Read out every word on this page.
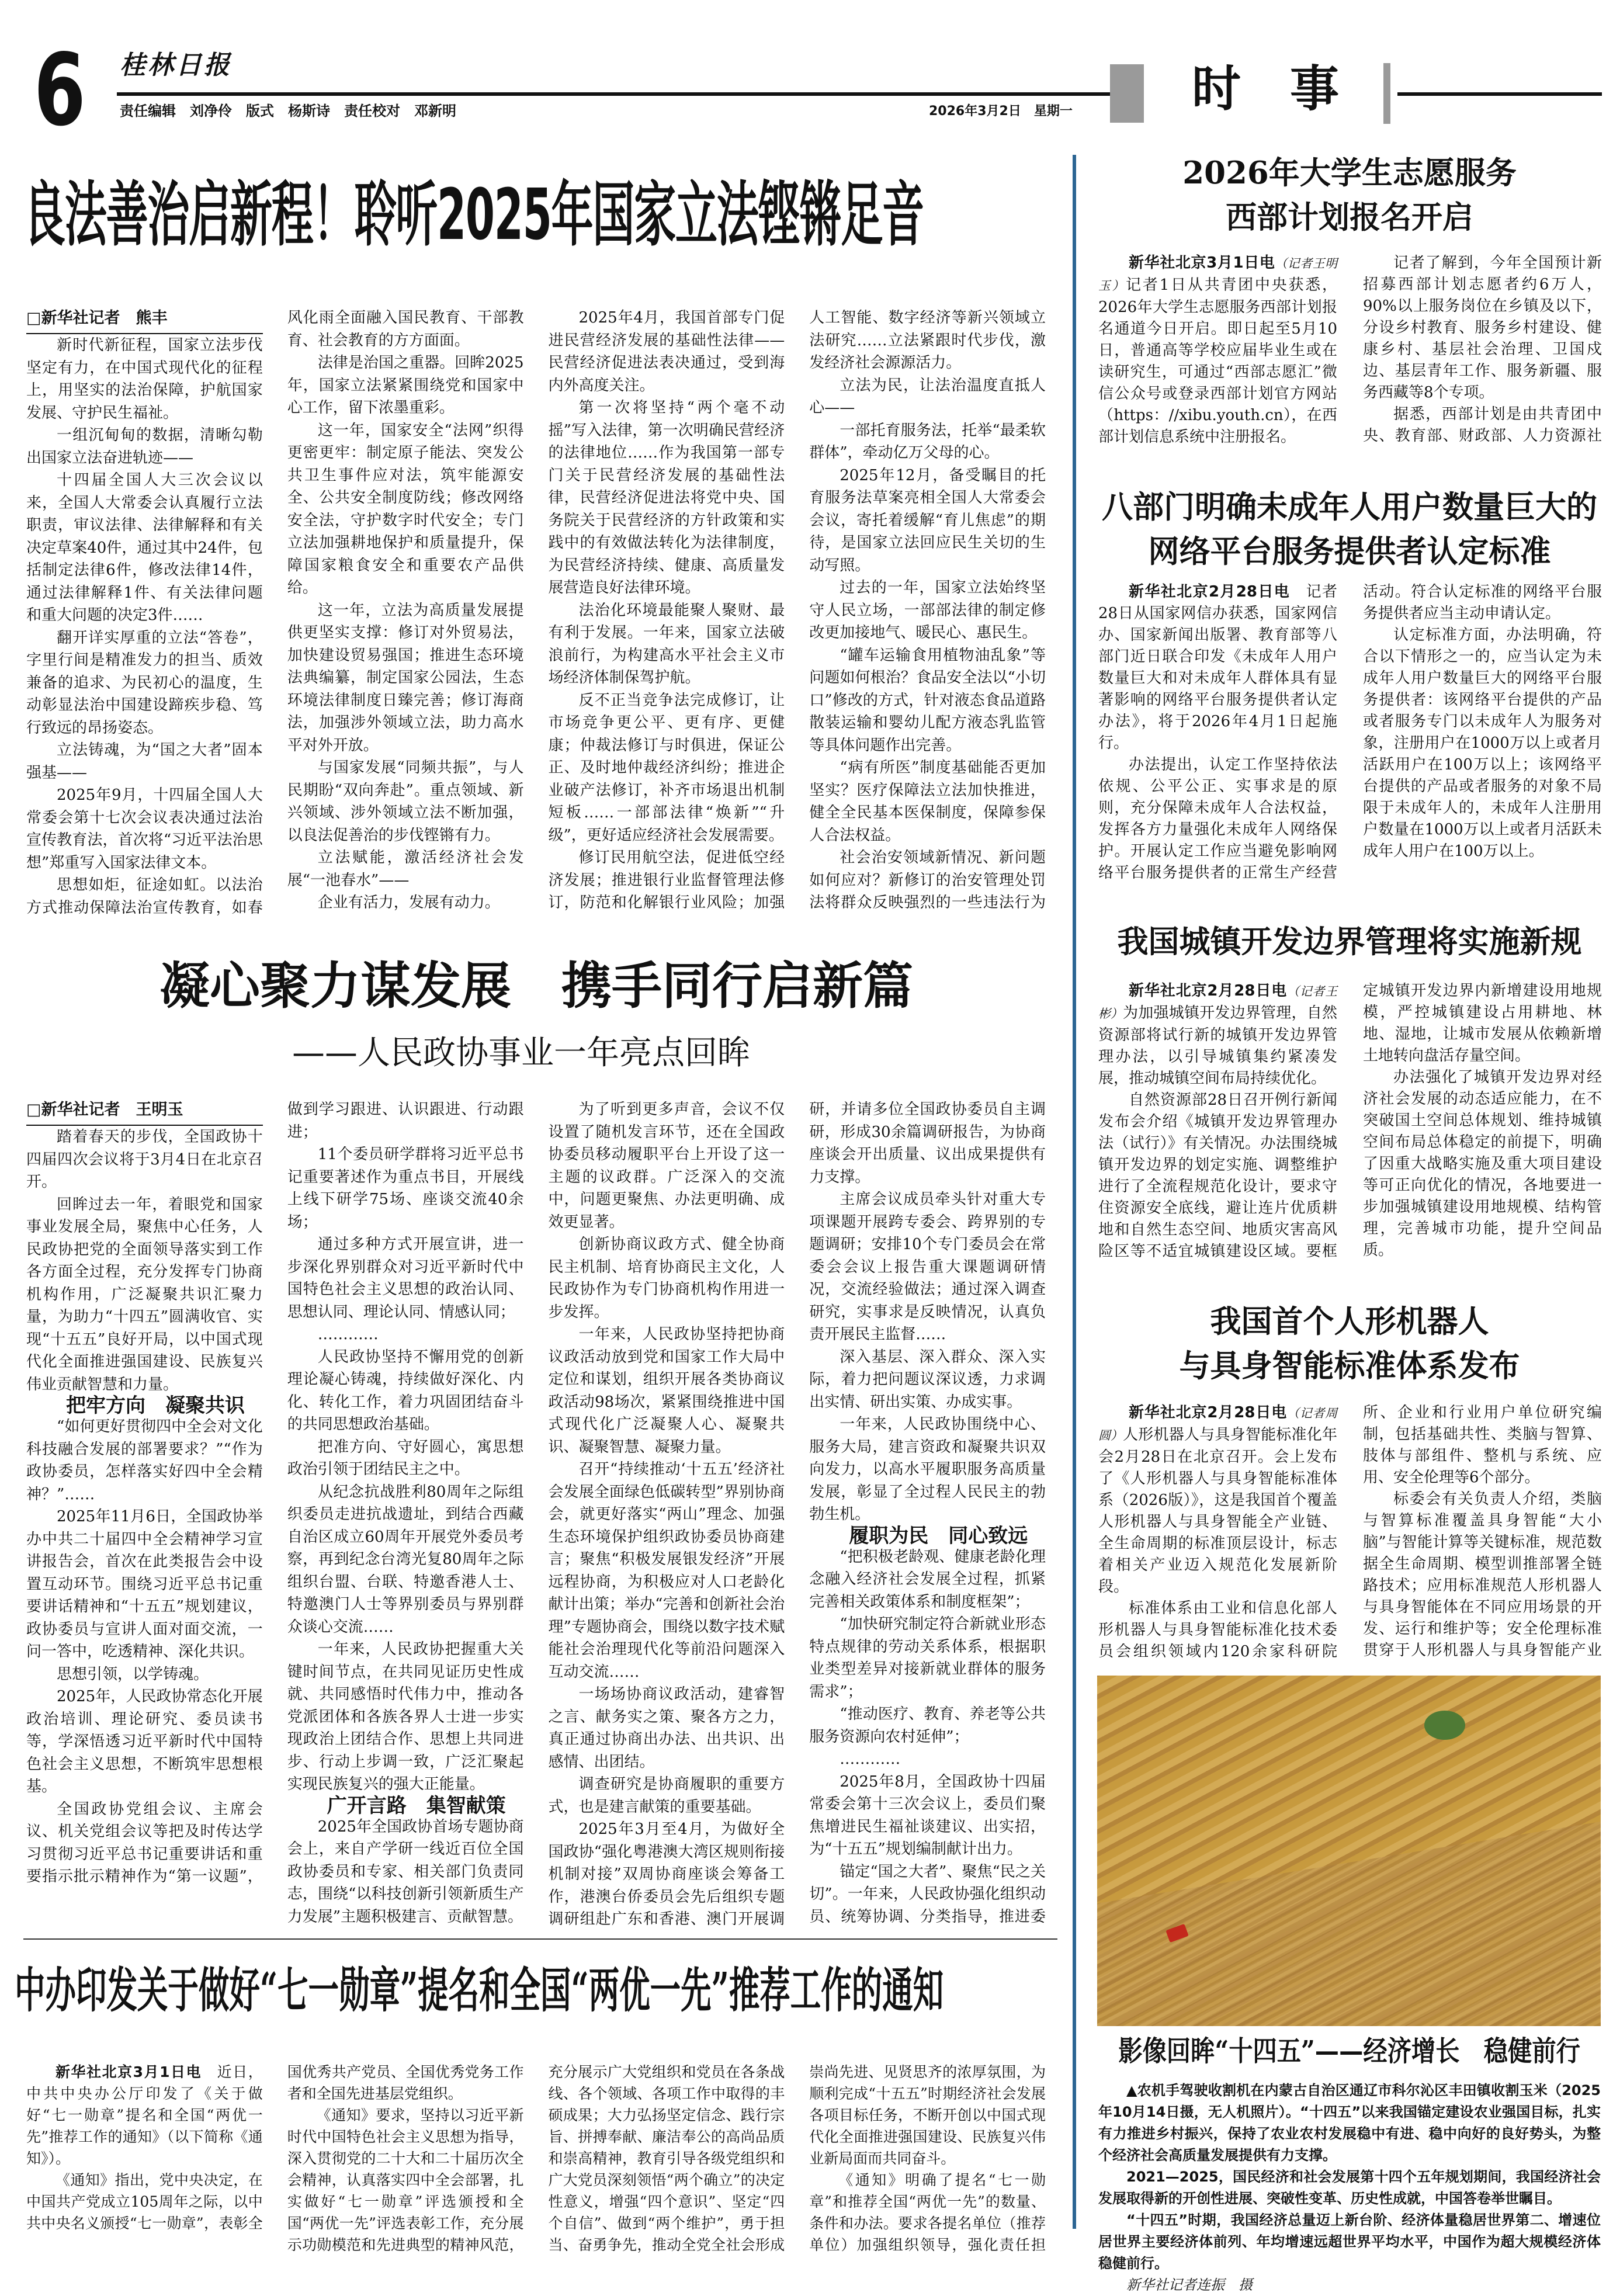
6 桂林日报
责任编辑　刘净伶　版式　杨斯诗　责任校对　邓新明	2026年3月2日　星期一 时　事
良法善治启新程！聆听2025年国家立法铿锵足音

□新华社记者　熊丰

新时代新征程，国家立法步伐坚定有力，在中国式现代化的征程上，用坚实的法治保障，护航国家发展、守护民生福祉。

一组沉甸甸的数据，清晰勾勒出国家立法奋进轨迹——

十四届全国人大三次会议以来，全国人大常委会认真履行立法职责，审议法律、法律解释和有关决定草案40件，通过其中24件，包括制定法律6件，修改法律14件，通过法律解释1件、有关法律问题和重大问题的决定3件……

翻开详实厚重的立法“答卷”，字里行间是精准发力的担当、质效兼备的追求、为民初心的温度，生动彰显法治中国建设蹄疾步稳、笃行致远的昂扬姿态。

立法铸魂，为“国之大者”固本强基——

2025年9月，十四届全国人大常委会第十七次会议表决通过法治宣传教育法，首次将“习近平法治思想”郑重写入国家法律文本。

思想如炬，征途如虹。以法治方式推动保障法治宣传教育，如春风化雨全面融入国民教育、干部教育、社会教育的方方面面。

法律是治国之重器。回眸2025年，国家立法紧紧围绕党和国家中心工作，留下浓墨重彩。

这一年，国家安全“法网”织得更密更牢：制定原子能法、突发公共卫生事件应对法，筑牢能源安全、公共安全制度防线；修改网络安全法，守护数字时代安全；专门立法加强耕地保护和质量提升，保障国家粮食安全和重要农产品供给。

这一年，立法为高质量发展提供更坚实支撑：修订对外贸易法，加快建设贸易强国；推进生态环境法典编纂，制定国家公园法，生态环境法律制度日臻完善；修订海商法，加强涉外领域立法，助力高水平对外开放。

与国家发展“同频共振”，与人民期盼“双向奔赴”。重点领域、新兴领域、涉外领域立法不断加强，以良法促善治的步伐铿锵有力。

立法赋能，激活经济社会发展“一池春水”——

企业有活力，发展有动力。

2025年4月，我国首部专门促进民营经济发展的基础性法律——民营经济促进法表决通过，受到海内外高度关注。

第一次将坚持“两个毫不动摇”写入法律，第一次明确民营经济的法律地位……作为我国第一部专门关于民营经济发展的基础性法律，民营经济促进法将党中央、国务院关于民营经济的方针政策和实践中的有效做法转化为法律制度，为民营经济持续、健康、高质量发展营造良好法律环境。

法治化环境最能聚人聚财、最有利于发展。一年来，国家立法破浪前行，为构建高水平社会主义市场经济体制保驾护航。

反不正当竞争法完成修订，让市场竞争更公平、更有序、更健康；仲裁法修订与时俱进，保证公正、及时地仲裁经济纠纷；推进企业破产法修订，补齐市场退出机制短板……一部部法律“焕新”“升级”，更好适应经济社会发展需要。

修订民用航空法，促进低空经济发展；推进银行业监督管理法修订，防范和化解银行业风险；加强人工智能、数字经济等新兴领域立法研究……立法紧跟时代步伐，激发经济社会源源活力。

立法为民，让法治温度直抵人心——

一部托育服务法，托举“最柔软群体”，牵动亿万父母的心。

2025年12月，备受瞩目的托育服务法草案亮相全国人大常委会会议，寄托着缓解“育儿焦虑”的期待，是国家立法回应民生关切的生动写照。

过去的一年，国家立法始终坚守人民立场，一部部法律的制定修改更加接地气、暖民心、惠民生。

“罐车运输食用植物油乱象”等问题如何根治？食品安全法以“小切口”修改的方式，针对液态食品道路散装运输和婴幼儿配方液态乳监管等具体问题作出完善。

“病有所医”制度基础能否更加坚实？医疗保障法立法加快推进，健全全民基本医保制度，保障参保人合法权益。

社会治安领域新情况、新问题如何应对？新修订的治安管理处罚法将群众反映强烈的一些违法行为

凝心聚力谋发展　携手同行启新篇
——人民政协事业一年亮点回眸

□新华社记者　王明玉

踏着春天的步伐，全国政协十四届四次会议将于3月4日在北京召开。

回眸过去一年，着眼党和国家事业发展全局，聚焦中心任务，人民政协把党的全面领导落实到工作各方面全过程，充分发挥专门协商机构作用，广泛凝聚共识汇聚力量，为助力“十四五”圆满收官、实现“十五五”良好开局，以中国式现代化全面推进强国建设、民族复兴伟业贡献智慧和力量。

把牢方向　凝聚共识

“如何更好贯彻四中全会对文化科技融合发展的部署要求？”“作为政协委员，怎样落实好四中全会精神？”……

2025年11月6日，全国政协举办中共二十届四中全会精神学习宣讲报告会，首次在此类报告会中设置互动环节。围绕习近平总书记重要讲话精神和“十五五”规划建议，政协委员与宣讲人面对面交流，一问一答中，吃透精神、深化共识。

思想引领，以学铸魂。

2025年，人民政协常态化开展政治培训、理论研究、委员读书等，学深悟透习近平新时代中国特色社会主义思想，不断筑牢思想根基。

全国政协党组会议、主席会议、机关党组会议等把及时传达学习贯彻习近平总书记重要讲话和重要指示批示精神作为“第一议题”，做到学习跟进、认识跟进、行动跟进；

11个委员研学群将习近平总书记重要著述作为重点书目，开展线上线下研学75场、座谈交流40余场；

通过多种方式开展宣讲，进一步深化界别群众对习近平新时代中国特色社会主义思想的政治认同、思想认同、理论认同、情感认同；

…………

人民政协坚持不懈用党的创新理论凝心铸魂，持续做好深化、内化、转化工作，着力巩固团结奋斗的共同思想政治基础。

把准方向、守好圆心，寓思想政治引领于团结民主之中。

从纪念抗战胜利80周年之际组织委员走进抗战遗址，到结合西藏自治区成立60周年开展党外委员考察，再到纪念台湾光复80周年之际组织台盟、台联、特邀香港人士、特邀澳门人士等界别委员与界别群众谈心交流……

一年来，人民政协把握重大关键时间节点，在共同见证历史性成就、共同感悟时代伟力中，推动各党派团体和各族各界人士进一步实现政治上团结合作、思想上共同进步、行动上步调一致，广泛汇聚起实现民族复兴的强大正能量。

广开言路　集智献策

2025年全国政协首场专题协商会上，来自产学研一线近百位全国政协委员和专家、相关部门负责同志，围绕“以科技创新引领新质生产力发展”主题积极建言、贡献智慧。

为了听到更多声音，会议不仅设置了随机发言环节，还在全国政协委员移动履职平台上开设了这一主题的议政群。广泛深入的交流中，问题更聚焦、办法更明确、成效更显著。

创新协商议政方式、健全协商民主机制、培育协商民主文化，人民政协作为专门协商机构作用进一步发挥。

一年来，人民政协坚持把协商议政活动放到党和国家工作大局中定位和谋划，组织开展各类协商议政活动98场次，紧紧围绕推进中国式现代化广泛凝聚人心、凝聚共识、凝聚智慧、凝聚力量。

召开“持续推动‘十五五’经济社会发展全面绿色低碳转型”界别协商会，就更好落实“两山”理念、加强生态环境保护组织政协委员协商建言；聚焦“积极发展银发经济”开展远程协商，为积极应对人口老龄化献计出策；举办“完善和创新社会治理”专题协商会，围绕以数字技术赋能社会治理现代化等前沿问题深入互动交流……

一场场协商议政活动，建睿智之言、献务实之策、聚各方之力，真正通过协商出办法、出共识、出感情、出团结。

调查研究是协商履职的重要方式，也是建言献策的重要基础。

2025年3月至4月，为做好全国政协“强化粤港澳大湾区规则衔接机制对接”双周协商座谈会筹备工作，港澳台侨委员会先后组织专题调研组赴广东和香港、澳门开展调研，并请多位全国政协委员自主调研，形成30余篇调研报告，为协商座谈会开出质量、议出成果提供有力支撑。

主席会议成员牵头针对重大专项课题开展跨专委会、跨界别的专题调研；安排10个专门委员会在常委会会议上报告重大课题调研情况，交流经验做法；通过深入调查研究，实事求是反映情况，认真负责开展民主监督……

深入基层、深入群众、深入实际，着力把问题议深议透，力求调出实情、研出实策、办成实事。

一年来，人民政协围绕中心、服务大局，建言资政和凝聚共识双向发力，以高水平履职服务高质量发展，彰显了全过程人民民主的勃勃生机。

履职为民　同心致远

“把积极老龄观、健康老龄化理念融入经济社会发展全过程，抓紧完善相关政策体系和制度框架”；

“加快研究制定符合新就业形态特点规律的劳动关系体系，根据职业类型差异对接新就业群体的服务需求”；

“推动医疗、教育、养老等公共服务资源向农村延伸”；

…………

2025年8月，全国政协十四届常委会第十三次会议上，委员们聚焦增进民生福祉谈建议、出实招，为“十五五”规划编制献计出力。

锚定“国之大者”、聚焦“民之关切”。一年来，人民政协强化组织动员、统筹协调、分类指导，推进委

中办印发关于做好“七一勋章”提名和全国“两优一先”推荐工作的通知

新华社北京3月1日电　近日，中共中央办公厅印发了《关于做好“七一勋章”提名和全国“两优一先”推荐工作的通知》（以下简称《通知》）。

《通知》指出，党中央决定，在中国共产党成立105周年之际，以中共中央名义颁授“七一勋章”，表彰全国优秀共产党员、全国优秀党务工作者和全国先进基层党组织。

《通知》要求，坚持以习近平新时代中国特色社会主义思想为指导，深入贯彻党的二十大和二十届历次全会精神，认真落实四中全会部署，扎实做好“七一勋章”评选颁授和全国“两优一先”评选表彰工作，充分展示功勋模范和先进典型的精神风范，充分展示广大党组织和党员在各条战线、各个领域、各项工作中取得的丰硕成果；大力弘扬坚定信念、践行宗旨、拼搏奉献、廉洁奉公的高尚品质和崇高精神，教育引导各级党组织和广大党员深刻领悟“两个确立”的决定性意义，增强“四个意识”、坚定“四个自信”、做到“两个维护”，勇于担当、奋勇争先，推动全党全社会形成崇尚先进、见贤思齐的浓厚氛围，为顺利完成“十五五”时期经济社会发展各项目标任务，不断开创以中国式现代化全面推进强国建设、民族复兴伟业新局面而共同奋斗。

《通知》明确了提名“七一勋章”和推荐全国“两优一先”的数量、条件和办法。要求各提名单位（推荐单位）加强组织领导，强化责任担

2026年大学生志愿服务
西部计划报名开启

新华社北京3月1日电（记者王明玉）记者1日从共青团中央获悉，2026年大学生志愿服务西部计划报名通道今日开启。即日起至5月10日，普通高等学校应届毕业生或在读研究生，可通过“西部志愿汇”微信公众号或登录西部计划官方网站（https：//xibu.youth.cn），在西部计划信息系统中注册报名。

记者了解到，今年全国预计新招募西部计划志愿者约6万人，90%以上服务岗位在乡镇及以下，分设乡村教育、服务乡村建设、健康乡村、基层社会治理、卫国戍边、基层青年工作、服务新疆、服务西藏等8个专项。

据悉，西部计划是由共青团中央、教育部、财政部、人力资源社

八部门明确未成年人用户数量巨大的
网络平台服务提供者认定标准

新华社北京2月28日电　记者28日从国家网信办获悉，国家网信办、国家新闻出版署、教育部等八部门近日联合印发《未成年人用户数量巨大和对未成年人群体具有显著影响的网络平台服务提供者认定办法》，将于2026年4月1日起施行。

办法提出，认定工作坚持依法依规、公平公正、实事求是的原则，充分保障未成年人合法权益，发挥各方力量强化未成年人网络保护。开展认定工作应当避免影响网络平台服务提供者的正常生产经营活动。符合认定标准的网络平台服务提供者应当主动申请认定。

认定标准方面，办法明确，符合以下情形之一的，应当认定为未成年人用户数量巨大的网络平台服务提供者：该网络平台提供的产品或者服务专门以未成年人为服务对象，注册用户在1000万以上或者月活跃用户在100万以上；该网络平台提供的产品或者服务的对象不局限于未成年人的，未成年人注册用户数量在1000万以上或者月活跃未成年人用户在100万以上。

我国城镇开发边界管理将实施新规

新华社北京2月28日电（记者王彬）为加强城镇开发边界管理，自然资源部将试行新的城镇开发边界管理办法，以引导城镇集约紧凑发展，推动城镇空间布局持续优化。

自然资源部28日召开例行新闻发布会介绍《城镇开发边界管理办法（试行）》有关情况。办法围绕城镇开发边界的划定实施、调整维护进行了全流程规范化设计，要求守住资源安全底线，避让连片优质耕地和自然生态空间、地质灾害高风险区等不适宜城镇建设区域。要框定城镇开发边界内新增建设用地规模，严控城镇建设占用耕地、林地、湿地，让城市发展从依赖新增土地转向盘活存量空间。

办法强化了城镇开发边界对经济社会发展的动态适应能力，在不突破国土空间总体规划、维持城镇空间布局总体稳定的前提下，明确了因重大战略实施及重大项目建设等可正向优化的情况，各地要进一步加强城镇建设用地规模、结构管理，完善城市功能，提升空间品质。

我国首个人形机器人
与具身智能标准体系发布

新华社北京2月28日电（记者周圆）人形机器人与具身智能标准化年会2月28日在北京召开。会上发布了《人形机器人与具身智能标准体系（2026版）》，这是我国首个覆盖人形机器人与具身智能全产业链、全生命周期的标准顶层设计，标志着相关产业迈入规范化发展新阶段。

标准体系由工业和信息化部人形机器人与具身智能标准化技术委员会组织领域内120余家科研院所、企业和行业用户单位研究编制，包括基础共性、类脑与智算、肢体与部组件、整机与系统、应用、安全伦理等6个部分。

标委会有关负责人介绍，类脑与智算标准覆盖具身智能“大小脑”与智能计算等关键标准，规范数据全生命周期、模型训推部署全链路技术；应用标准规范人形机器人与具身智能体在不同应用场景的开发、运行和维护等；安全伦理标准贯穿于人形机器人与具身智能产业

影像回眸“十四五”——经济增长　稳健前行

▲农机手驾驶收割机在内蒙古自治区通辽市科尔沁区丰田镇收割玉米（2025年10月14日摄，无人机照片）。“十四五”以来我国锚定建设农业强国目标，扎实有力推进乡村振兴，保持了农业农村发展稳中有进、稳中向好的良好势头，为整个经济社会高质量发展提供有力支撑。

2021—2025，国民经济和社会发展第十四个五年规划期间，我国经济社会发展取得新的开创性进展、突破性变革、历史性成就，中国答卷举世瞩目。

“十四五”时期，我国经济总量迈上新台阶、经济体量稳居世界第二、增速位居世界主要经济体前列、年均增速远超世界平均水平，中国作为超大规模经济体稳健前行。

新华社记者连振　摄
